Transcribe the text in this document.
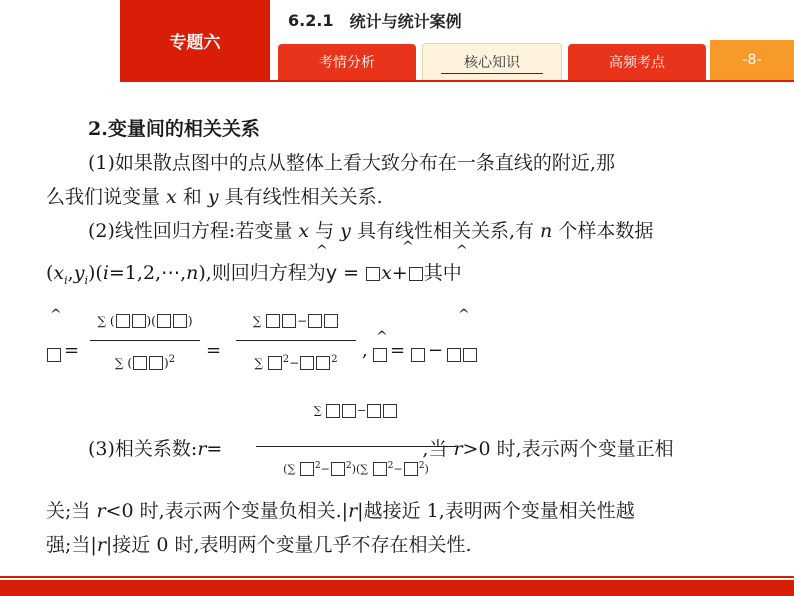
专题六
6.2.1 统计与统计案例
考情分析	核心知识	高频考点	-8-
2.变量间的相关关系
(1)如果散点图中的点从整体上看大致分布在一条直线的附近,那
么我们说变量 x 和 y 具有线性相关关系.
(2)线性回归方程:若变量 x 与 y 具有线性相关关系,有 n 个样本数据
^	^	^
$(x_i,y_i)(i=1,2,\cdots,n)$,则回归方程为y = x+ 其中
^
=
∑ (	)(	)
∑ (	)$^2$ =
∑	−
∑ $^2$−	$^2$ ,
^
= −
^
(3)相关系数:r=	,当 r>0 时,表示两个变量正相
∑	−
(∑ $^2$− $^2$)(∑ $^2$− $^2$)
关;当 r<0 时,表示两个变量负相关.|r|越接近 1,表明两个变量相关性越
强;当|r|接近 0 时,表明两个变量几乎不存在相关性.
